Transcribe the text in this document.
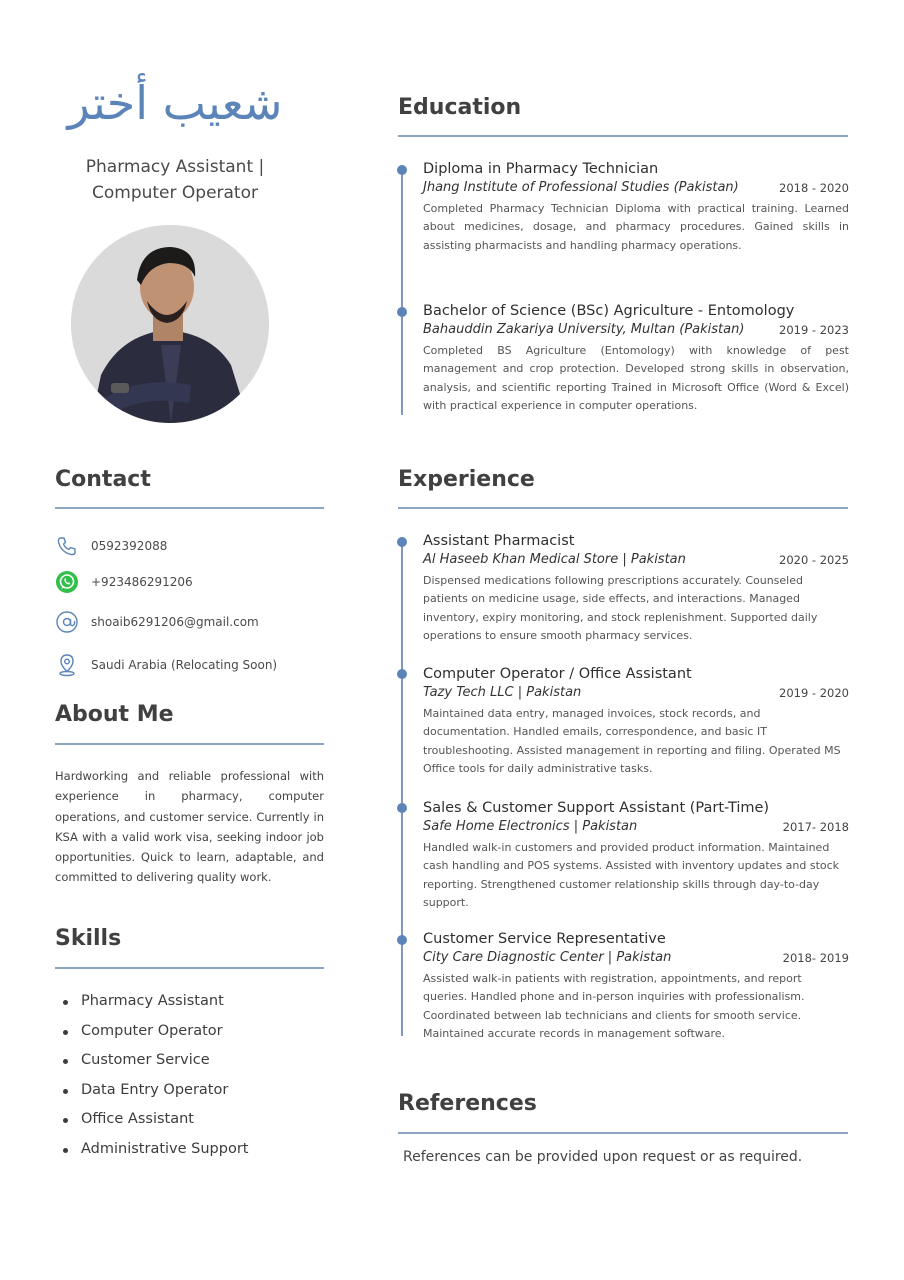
شعيب أختر
Pharmacy Assistant |
Computer Operator
Contact
0592392088
+923486291206
shoaib6291206@gmail.com
Saudi Arabia (Relocating Soon)
About Me
Hardworking and reliable professional with experience in pharmacy, computer operations, and customer service. Currently in KSA with a valid work visa, seeking indoor job opportunities. Quick to learn, adaptable, and committed to delivering quality work.
Skills
Pharmacy Assistant
Computer Operator
Customer Service
Data Entry Operator
Office Assistant
Administrative Support
Education
Diploma in Pharmacy Technician
Jhang Institute of Professional Studies (Pakistan)	2018 - 2020
Completed Pharmacy Technician Diploma with practical training. Learned about medicines, dosage, and pharmacy procedures. Gained skills in assisting pharmacists and handling pharmacy operations.
Bachelor of Science (BSc) Agriculture - Entomology
Bahauddin Zakariya University, Multan (Pakistan)	2019 - 2023
Completed BS Agriculture (Entomology) with knowledge of pest management and crop protection. Developed strong skills in observation, analysis, and scientific reporting Trained in Microsoft Office (Word & Excel) with practical experience in computer operations.
Experience
Assistant Pharmacist
Al Haseeb Khan Medical Store | Pakistan	2020 - 2025
Dispensed medications following prescriptions accurately. Counseled patients on medicine usage, side effects, and interactions. Managed inventory, expiry monitoring, and stock replenishment. Supported daily operations to ensure smooth pharmacy services.
Computer Operator / Office Assistant
Tazy Tech LLC | Pakistan	2019 - 2020
Maintained data entry, managed invoices, stock records, and documentation. Handled emails, correspondence, and basic IT troubleshooting. Assisted management in reporting and filing. Operated MS Office tools for daily administrative tasks.
Sales & Customer Support Assistant (Part-Time)
Safe Home Electronics | Pakistan	2017- 2018
Handled walk-in customers and provided product information. Maintained cash handling and POS systems. Assisted with inventory updates and stock reporting. Strengthened customer relationship skills through day-to-day support.
Customer Service Representative
City Care Diagnostic Center | Pakistan	2018- 2019
Assisted walk-in patients with registration, appointments, and report queries. Handled phone and in-person inquiries with professionalism. Coordinated between lab technicians and clients for smooth service. Maintained accurate records in management software.
References
References can be provided upon request or as required.
